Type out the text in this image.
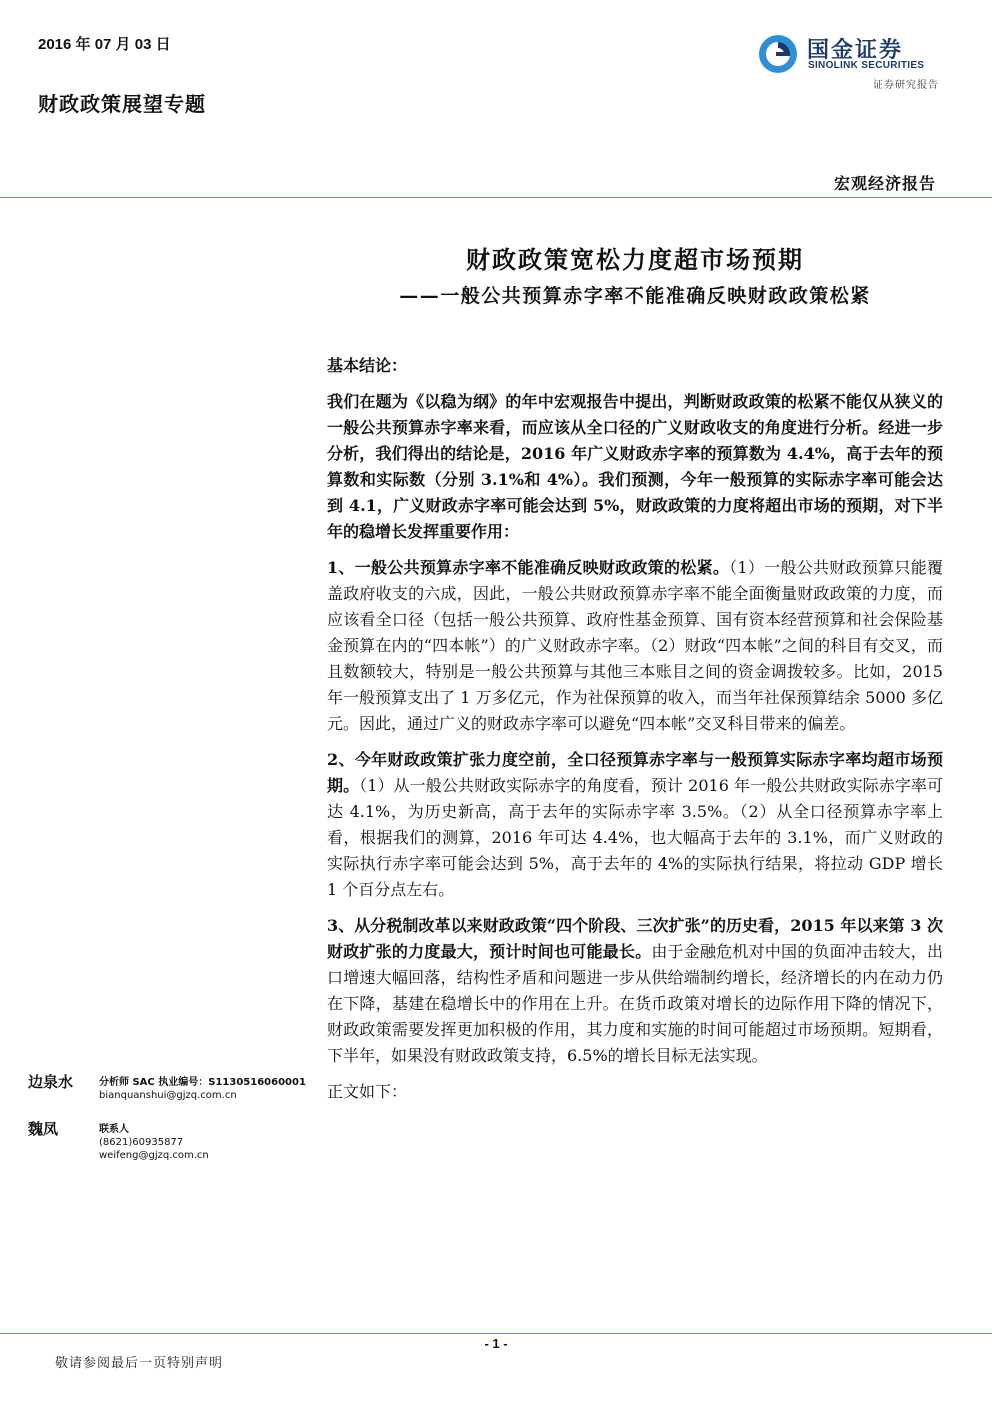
2016 年 07 月 03 日
财政政策展望专题
国金证券
SINOLINK SECURITIES
证券研究报告
宏观经济报告
财政政策宽松力度超市场预期
——一般公共预算赤字率不能准确反映财政政策松紧

基本结论：

我们在题为《以稳为纲》的年中宏观报告中提出，判断财政政策的松紧不能仅从狭义的一般公共预算赤字率来看，而应该从全口径的广义财政收支的角度进行分析。经进一步分析，我们得出的结论是，2016 年广义财政赤字率的预算数为 4.4%，高于去年的预算数和实际数（分别 3.1%和 4%）。我们预测，今年一般预算的实际赤字率可能会达到 4.1，广义财政赤字率可能会达到 5%，财政政策的力度将超出市场的预期，对下半年的稳增长发挥重要作用：

1、一般公共预算赤字率不能准确反映财政政策的松紧。（1）一般公共财政预算只能覆盖政府收支的六成，因此，一般公共财政预算赤字率不能全面衡量财政政策的力度，而应该看全口径（包括一般公共预算、政府性基金预算、国有资本经营预算和社会保险基金预算在内的“四本帐”）的广义财政赤字率。（2）财政“四本帐”之间的科目有交叉，而且数额较大，特别是一般公共预算与其他三本账目之间的资金调拨较多。比如，2015 年一般预算支出了 1 万多亿元，作为社保预算的收入，而当年社保预算结余 5000 多亿元。因此，通过广义的财政赤字率可以避免“四本帐”交叉科目带来的偏差。

2、今年财政政策扩张力度空前，全口径预算赤字率与一般预算实际赤字率均超市场预期。（1）从一般公共财政实际赤字的角度看，预计 2016 年一般公共财政实际赤字率可达 4.1%，为历史新高，高于去年的实际赤字率 3.5%。（2）从全口径预算赤字率上看，根据我们的测算，2016 年可达 4.4%，也大幅高于去年的 3.1%，而广义财政的实际执行赤字率可能会达到 5%，高于去年的 4%的实际执行结果，将拉动 GDP 增长 1 个百分点左右。

3、从分税制改革以来财政政策“四个阶段、三次扩张”的历史看，2015 年以来第 3 次财政扩张的力度最大，预计时间也可能最长。由于金融危机对中国的负面冲击较大，出口增速大幅回落，结构性矛盾和问题进一步从供给端制约增长，经济增长的内在动力仍在下降，基建在稳增长中的作用在上升。在货币政策对增长的边际作用下降的情况下，财政政策需要发挥更加积极的作用，其力度和实施的时间可能超过市场预期。短期看，下半年，如果没有财政政策支持，6.5%的增长目标无法实现。

正文如下：

边泉水	分析师 SAC 执业编号：S1130516060001
bianquanshui@gjzq.com.cn
魏凤	联系人
(8621)60935877
weifeng@gjzq.com.cn
- 1 -
敬请参阅最后一页特别声明
